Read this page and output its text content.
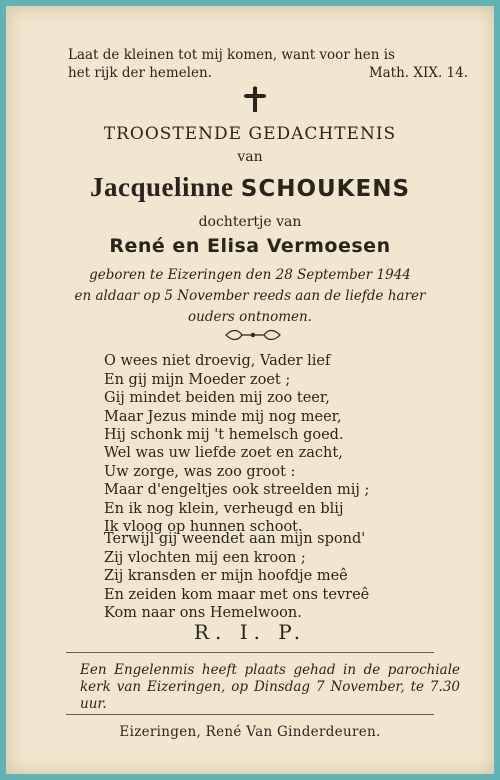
Laat de kleinen tot mij komen, want voor hen is
het rijk der hemelen.	Math. XIX. 14.
TROOSTENDE GEDACHTENIS
van
Jacquelinne SCHOUKENS
dochtertje van
René en Elisa Vermoesen
geboren te Eizeringen den 28 September 1944
en aldaar op 5 November reeds aan de liefde harer
ouders ontnomen.
O wees niet droevig, Vader lief
En gij mijn Moeder zoet ;
Gij mindet beiden mij zoo teer,
Maar Jezus minde mij nog meer,
Hij schonk mij 't hemelsch goed.
Wel was uw liefde zoet en zacht,
Uw zorge, was zoo groot :
Maar d'engeltjes ook streelden mij ;
En ik nog klein, verheugd en blij
Ik vloog op hunnen schoot.
Terwijl gij weendet aan mijn spond'
Zij vlochten mij een kroon ;
Zij kransden er mijn hoofdje meê
En zeiden kom maar met ons tevreê
Kom naar ons Hemelwoon.
R. I. P.
Een Engelenmis heeft plaats gehad in de parochiale kerk van Eizeringen, op Dinsdag 7 November, te 7.30 uur.
Eizeringen, René Van Ginderdeuren.
